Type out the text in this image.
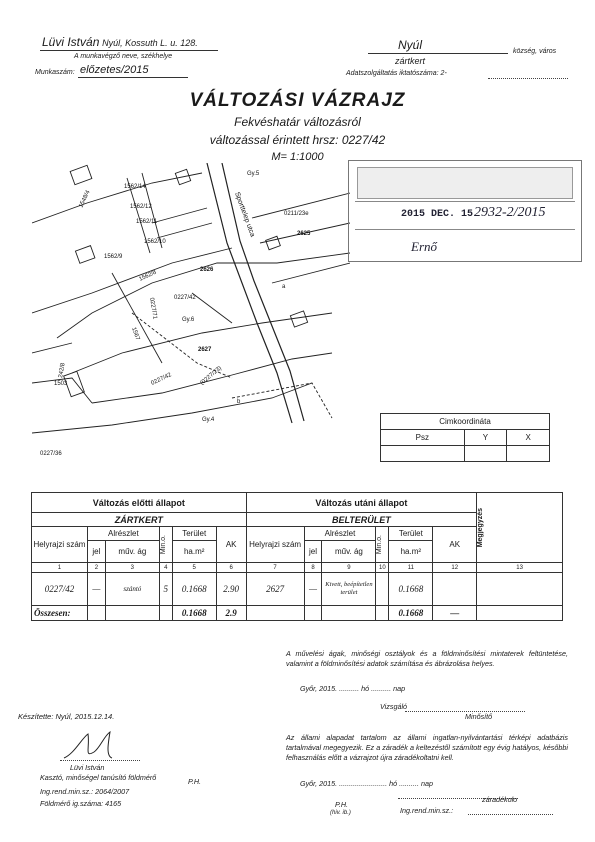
Lüvi István Nyúl, Kossuth L. u. 128.
A munkavégző neve, székhelye
Munkaszám: előzetes/2015
Nyúl	község, város
zártkert
Adatszolgáltatás iktatószáma: 2-
VÁLTOZÁSI VÁZRAJZ
Fekvéshatár változásról
változással érintett hrsz: 0227/42
M= 1:1000
1548/4
1562/14
1562/12
1562/11
1562/10
1562/9
1562/8	2626
2625
0211/23e
0227/42
0227/71
1567
2627
0227/42	(0227/23)
1503
242/8
0227/36
Sporttelep utca
Gy.5
Gy.6
Gy.4
b
a
2015 DEC. 15 2932-2/2015
Ernő
Cimkoordináta		
Psz	Y	X

Változás előtti állapot						Változás utáni állapot						Megjegyzés

ZÁRTKERT						BELTERÜLET						
Helyrajzi szám	Alrészlet		Min.o.	Terület	AK	Helyrajzi szám	Alrészlet		Min.o.	Terület	AK	
	jel	műv. ág		ha.m²			jel	műv. ág		ha.m²		
1	2	3	4	5	6	7	8	9	10	11	12	13
0227/42	—	szántó	5	0.1668	2.90	2627	—	Kivett, beépítetlen terület		0.1668		
Összesen:				0.1668	2.9					0.1668	—	
A művelési ágak, minőségi osztályok és a földminősítési mintaterek feltüntetése, valamint a földminősítési adatok számítása és ábrázolása helyes.
Győr, 2015. .......... hó .......... nap
Vizsgáló
Minősítő
Készítette: Nyúl, 2015.12.14.
Lüvi István
Kasztó, minőségel tanúsító földmérő	P.H.
Ing.rend.min.sz.: 2064/2007
Földmérő ig.száma: 4165
Az állami alapadat tartalom az állami ingatlan-nyilvántartási térképi adatbázis tartalmával megegyezik. Ez a záradék a keltezéstől számított egy évig hatályos, későbbi felhasználás előtt a vázrajzot újra záradékoltatni kell.
Győr, 2015. ........................ hó .......... nap
záradékolo
P.H.
(hiv. ib.)	Ing.rend.min.sz.:
